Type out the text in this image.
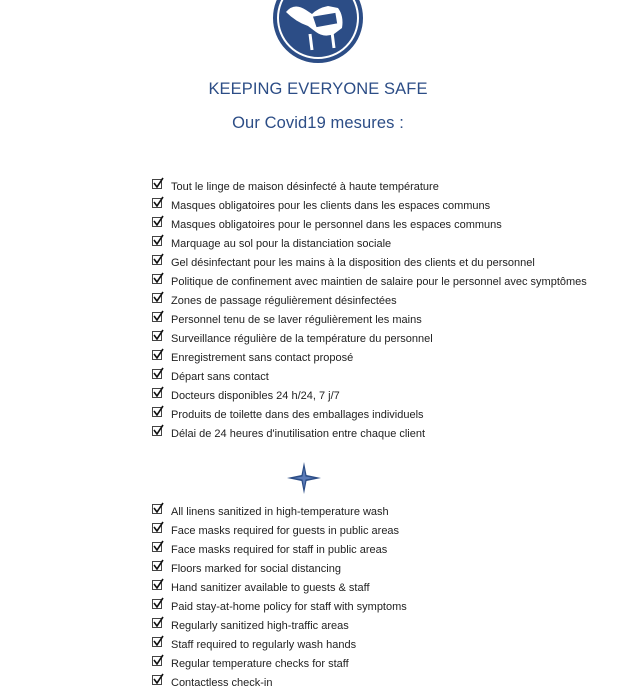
KEEPING EVERYONE SAFE
Our Covid19 mesures :
Tout le linge de maison désinfecté à haute température
Masques obligatoires pour les clients dans les espaces communs
Masques obligatoires pour le personnel dans les espaces communs
Marquage au sol pour la distanciation sociale
Gel désinfectant pour les mains à la disposition des clients et du personnel
Politique de confinement avec maintien de salaire pour le personnel avec symptômes
Zones de passage régulièrement désinfectées
Personnel tenu de se laver régulièrement les mains
Surveillance régulière de la température du personnel
Enregistrement sans contact proposé
Départ sans contact
Docteurs disponibles 24 h/24, 7 j/7
Produits de toilette dans des emballages individuels
Délai de 24 heures d'inutilisation entre chaque client
All linens sanitized in high-temperature wash
Face masks required for guests in public areas
Face masks required for staff in public areas
Floors marked for social distancing
Hand sanitizer available to guests & staff
Paid stay-at-home policy for staff with symptoms
Regularly sanitized high-traffic areas
Staff required to regularly wash hands
Regular temperature checks for staff
Contactless check-in
